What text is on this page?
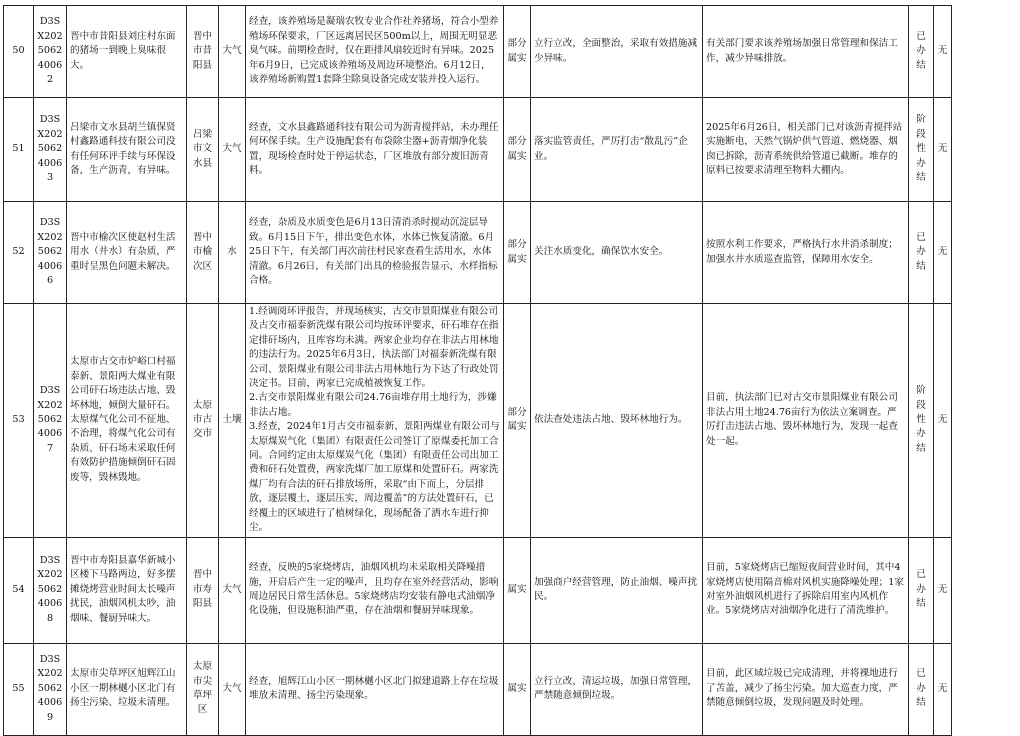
50	D3SX202506240062	晋中市昔阳县刘庄村东面的猪场一到晚上臭味很大。	晋中市昔阳县	大气	经查，该养殖场是凝瑞农牧专业合作社养猪场，符合小型养殖场环保要求，厂区远离居民区500m以上，周围无明显恶臭气味。前期检查时，仅在距排风扇较近时有异味。2025年6月9日，已完成该养殖场及周边环境整治。6月12日，该养殖场新购置1套降尘除臭设备完成安装并投入运行。	部分属实	立行立改，全面整治，采取有效措施减少异味。	有关部门要求该养殖场加强日常管理和保洁工作，减少异味排放。	已办结	无
51	D3SX202506240063	吕梁市文水县胡兰镇保贤村鑫路通科技有限公司没有任何环评手续与环保设备，生产沥青，有异味。	吕梁市文水县	大气	经查，文水县鑫路通科技有限公司为沥青搅拌站，未办理任何环保手续。生产设施配套有布袋除尘器+沥青烟净化装置，现场检查时处于停运状态，厂区堆放有部分废旧沥青料。	部分属实	落实监管责任，严厉打击“散乱污”企业。	2025年6月26日，相关部门已对该沥青搅拌站实施断电，天然气锅炉供气管道、燃烧器、烟囱已拆除，沥青系统供给管道已截断。堆存的原料已按要求清理至物料大棚内。	阶段性办结	无
52	D3SX202506240066	晋中市榆次区使赵村生活用水（井水）有杂质，严重时呈黑色问题未解决。	晋中市榆次区	水	经查，杂质及水质变色是6月13日清消杀时搅动沉淀层导致。6月15日下午，排出变色水体，水体已恢复清澈。6月25日下午，有关部门再次前往村民家查看生活用水，水体清澈。6月26日，有关部门出具的检验报告显示，水样指标合格。	部分属实	关注水质变化，确保饮水安全。	按照水利工作要求，严格执行水井消杀制度；加强水井水质巡查监管，保障用水安全。	已办结	无
53	D3SX202506240067	太原市古交市炉峪口村福泰新、景阳两大煤业有限公司矸石场违法占地、毁坏林地，倾倒大量矸石。太原煤气化公司不征地、不治理，将煤气化公司有杂质、矸石场未采取任何有效防护措施倾倒矸石固废等，毁林毁地。	太原市古交市	土壤	1.经调阅环评报告，并现场核实，古交市景阳煤业有限公司及古交市福泰新洗煤有限公司均按环评要求，矸石堆存在指定排矸场内，且库容均未满。两家企业均存在非法占用林地的违法行为。2025年6月3日，执法部门对福泰新洗煤有限公司、景阳煤业有限公司非法占用林地行为下达了行政处罚决定书。目前，两家已完成植被恢复工作。
2.古交市景阳煤业有限公司24.76亩堆存用土地行为，涉嫌非法占地。
3.经查，2024年1月古交市福泰新、景阳两煤业有限公司与太原煤炭气化（集团）有限责任公司签订了原煤委托加工合同。合同约定由太原煤炭气化（集团）有限责任公司出加工费和矸石处置费，两家洗煤厂加工原煤和处置矸石。两家洗煤厂均有合法的矸石排放场所，采取“由下而上，分层排放，逐层覆土，逐层压实，周边覆盖”的方法处置矸石，已经覆土的区域进行了植树绿化，现场配备了洒水车进行抑尘。	部分属实	依法查处违法占地、毁坏林地行为。	目前，执法部门已对古交市景阳煤业有限公司非法占用土地24.76亩行为依法立案调查。严厉打击违法占地、毁坏林地行为，发现一起查处一起。	阶段性办结	无
54	D3SX202506240068	晋中市寿阳县嘉华新城小区楼下马路两边，好多摆摊烧烤营业时间太长噪声扰民，油烟风机太吵，油烟味、餐厨异味大。	晋中市寿阳县	大气	经查，反映的5家烧烤店，油烟风机均未采取相关降噪措施，开启后产生一定的噪声，且均存在室外经营活动，影响周边居民日常生活休息。5家烧烤店均安装有静电式油烟净化设施，但设施积油严重，存在油烟和餐厨异味现象。	属实	加强商户经营管理，防止油烟、噪声扰民。	目前，5家烧烤店已缩短夜间营业时间，其中4家烧烤店使用隔音棉对风机实施降噪处理；1家对室外油烟风机进行了拆除启用室内风机作业。5家烧烤店对油烟净化进行了清洗维护。	已办结	无
55	D3SX202506240069	太原市尖草坪区旭辉江山小区一期林樾小区北门有扬尘污染、垃圾未清理。	太原市尖草坪区	大气	经查，旭辉江山小区一期林樾小区北门拟建道路上存在垃圾堆放未清理、扬尘污染现象。	属实	立行立改，清运垃圾，加强日常管理，严禁随意倾倒垃圾。	目前，此区域垃圾已完成清理，并将裸地进行了苫盖，减少了扬尘污染。加大巡查力度，严禁随意倾倒垃圾，发现问题及时处理。	已办结	无
